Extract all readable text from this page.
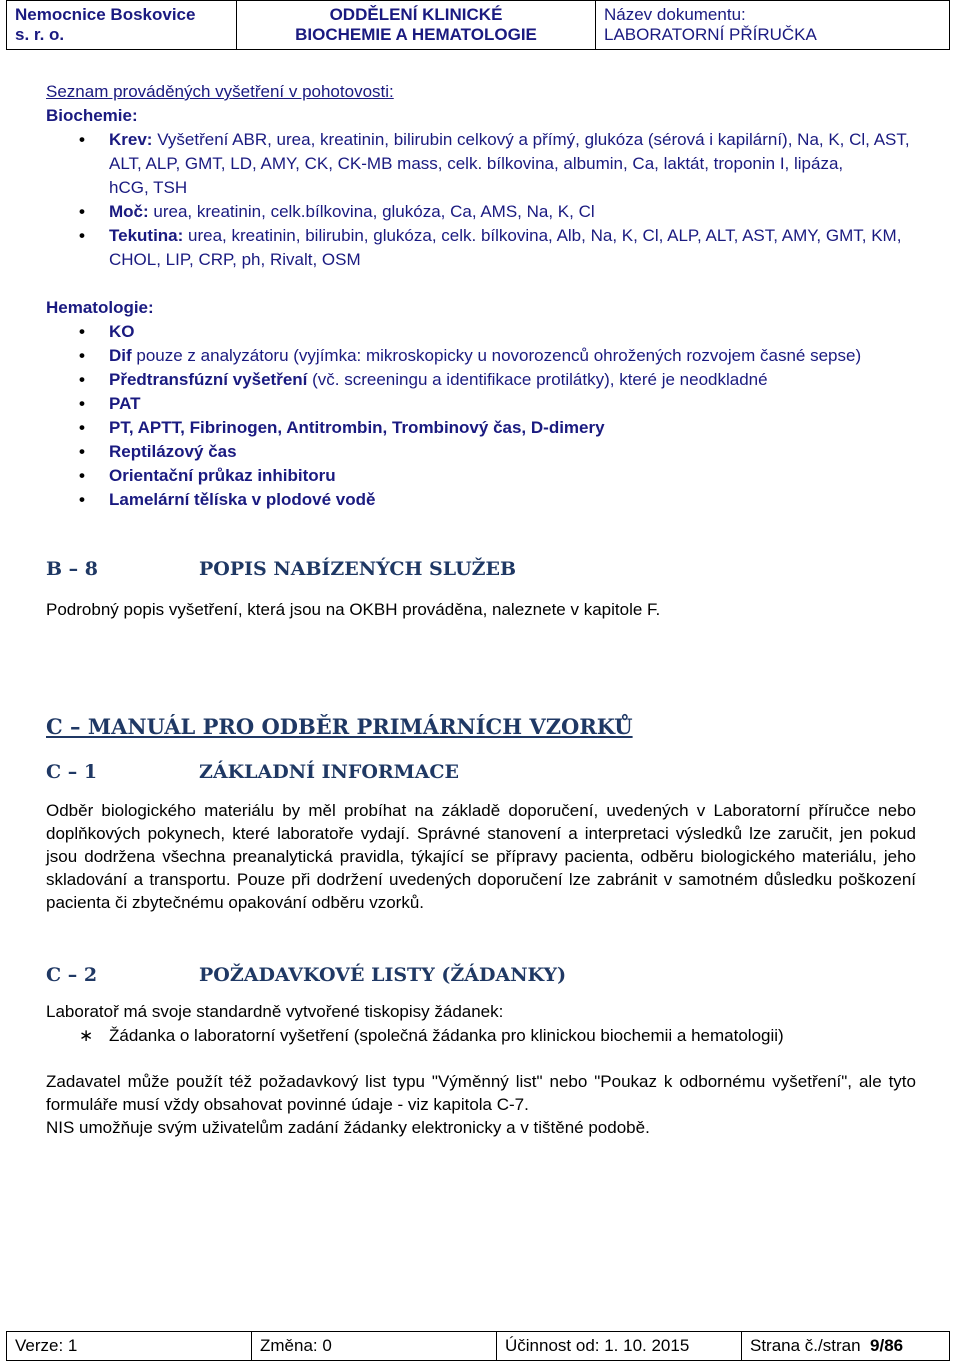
Nemocnice Boskovice
s. r. o.

ODDĚLENÍ KLINICKÉ
BIOCHEMIE A HEMATOLOGIE

Název dokumentu:
LABORATORNÍ PŘÍRUČKA
Seznam prováděných vyšetření v pohotovosti:
Biochemie:
• Krev: Vyšetření ABR, urea, kreatinin, bilirubin celkový a přímý, glukóza (sérová i kapilární), Na, K, Cl, AST, ALT, ALP, GMT, LD, AMY, CK, CK-MB mass, celk. bílkovina, albumin, Ca, laktát, troponin I, lipáza,
hCG, TSH
• Moč: urea, kreatinin, celk.bílkovina, glukóza, Ca, AMS, Na, K, Cl
• Tekutina: urea, kreatinin, bilirubin, glukóza, celk. bílkovina, Alb, Na, K, Cl, ALP, ALT, AST, AMY, GMT, KM, CHOL, LIP, CRP, ph, Rivalt, OSM
Hematologie:
• KO
• Dif pouze z analyzátoru (vyjímka: mikroskopicky u novorozenců ohrožených rozvojem časné sepse)
• Předtransfúzní vyšetření (vč. screeningu a identifikace protilátky), které je neodkladné
• PAT
• PT, APTT, Fibrinogen, Antitrombin, Trombinový čas, D-dimery
• Reptilázový čas
• Orientační průkaz inhibitoru
• Lamelární tělíska v plodové vodě
B – 8	POPIS NABÍZENÝCH SLUŽEB
Podrobný popis vyšetření, která jsou na OKBH prováděna, naleznete v kapitole F.
C – MANUÁL PRO ODBĚR PRIMÁRNÍCH VZORKŮ
C – 1	ZÁKLADNÍ INFORMACE
Odběr biologického materiálu by měl probíhat na základě doporučení, uvedených v Laboratorní příručce nebo doplňkových pokynech, které laboratoře vydají. Správné stanovení a interpretaci výsledků lze zaručit, jen pokud jsou dodržena všechna preanalytická pravidla, týkající se přípravy pacienta, odběru biologického materiálu, jeho skladování a transportu. Pouze při dodržení uvedených doporučení lze zabránit v samotném důsledku poškození pacienta či zbytečnému opakování odběru vzorků.
C – 2	POŽADAVKOVÉ LISTY (ŽÁDANKY)
Laboratoř má svoje standardně vytvořené tiskopisy žádanek:
∗ Žádanka o laboratorní vyšetření (společná žádanka pro klinickou biochemii a hematologii)
Zadavatel může použít též požadavkový list typu "Výměnný list" nebo "Poukaz k odbornému vyšetření", ale tyto formuláře musí vždy obsahovat povinné údaje - viz kapitola C-7.
NIS umožňuje svým uživatelům zadání žádanky elektronicky a v tištěné podobě.
Verze: 1	Změna: 0	Účinnost od: 1. 10. 2015	Strana č./stran 9/86
